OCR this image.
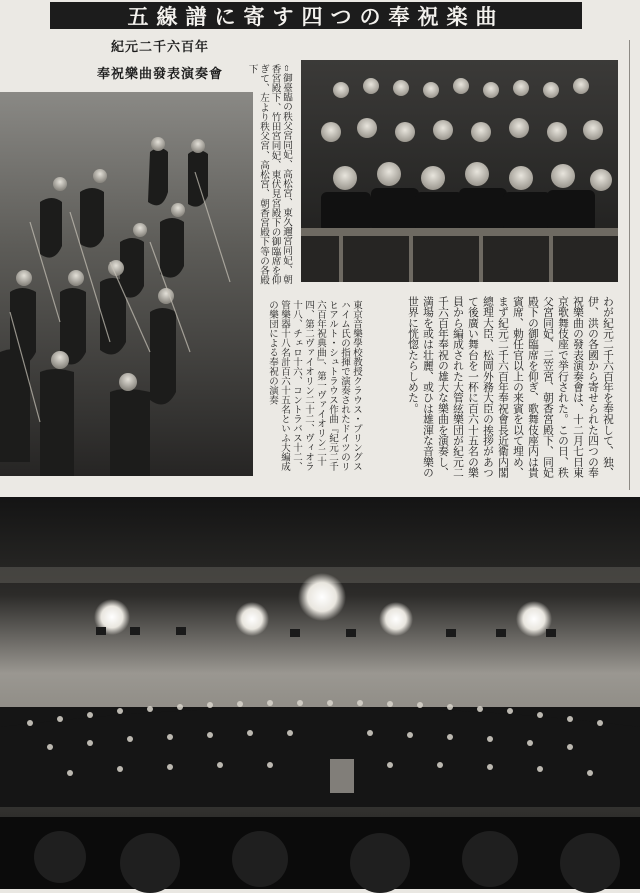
五線譜に寄す四つの奉祝楽曲
紀元二千六百年
奉祝樂曲發表演奏會	⇧御臺臨の秩父宮同妃、高松宮、東久邇宮同妃、朝香宮殿下、竹田宮同妃、東伏見宮殿下の御臨席を仰ぎて、左より秩父宮、高松宮、朝香宮殿下等の各殿下
わが紀元二千六百年を奉祝して、独、伊、洪の各國から寄せられた四つの奉祝樂曲の發表演奏會は、十二月七日東京歌舞伎座で挙行された。この日、秩父宮同妃、三笠宮、朝香宮殿下、同妃殿下の御臨席を仰ぎ、歌舞伎座内は貴賓席、勅任官以上の来賓を以て埋め、まず紀元二千六百年奉祝會長近衛内閣總理大臣、松岡外務大臣の挨拶があつて後廣い舞台を一杯に百六十五名の樂員から編成された大管絃樂団が紀元二千六百年奉祝の雄大な樂曲を演奏し、満場を或は壮麗、或ひは雄渾な音樂の世界に恍惚たらしめた。
東京音樂學校教授クラウス・プリングスハイム氏の指揮で演奏されたドイツのリヒアルト・シュトラウス作曲『紀元二千六百年祝典曲』、第一ヴァイオリン二十四、第二ヴァイオリン二十二、ヴィオラ十八、チェロ十六、コントラバス十二、管樂器十八名計百六十五名といふ大編成の樂団による奉祝の演奏
